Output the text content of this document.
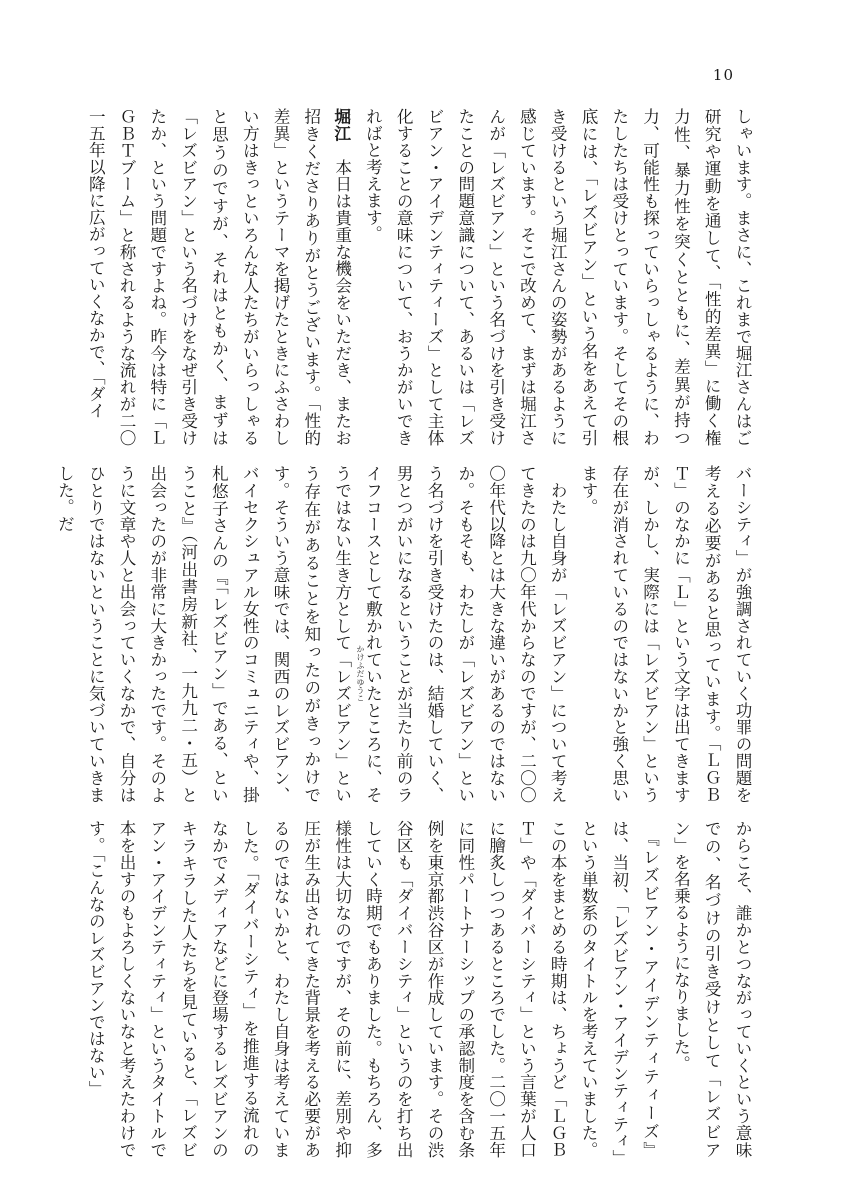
10

しゃいます。まさに、これまで堀江さんはご研究や運動を通して、「性的差異」に働く権力性、暴力性を突くとともに、差異が持つ力、可能性も探っていらっしゃるように、わたしたちは受けとっています。そしてその根底には、「レズビアン」という名をあえて引き受けるという堀江さんの姿勢があるように感じています。そこで改めて、まずは堀江さんが「レズビアン」という名づけを引き受けたことの問題意識について、あるいは「レズビアン・アイデンティティーズ」として主体化することの意味について、おうかがいできればと考えます。

堀江　本日は貴重な機会をいただき、またお招きくださりありがとうございます。「性的差異」というテーマを掲げたときにふさわしい方はきっといろんな人たちがいらっしゃると思うのですが、それはともかく、まずは「レズビアン」という名づけをなぜ引き受けたか、という問題ですよね。昨今は特に「ＬＧＢＴブーム」と称されるような流れが二〇一五年以降に広がっていくなかで、「ダイ

バーシティ」が強調されていく功罪の問題を考える必要があると思っています。「ＬＧＢＴ」のなかに「Ｌ」という文字は出てきますが、しかし、実際には「レズビアン」という存在が消されているのではないかと強く思います。

　わたし自身が「レズビアン」について考えてきたのは九〇年代からなのですが、二〇〇〇年代以降とは大きな違いがあるのではないか。そもそも、わたしが「レズビアン」という名づけを引き受けたのは、結婚していく、男とつがいになるということが当たり前のライフコースとして敷かれていたところに、そうではない生き方として「レズビアン」という存在があることを知ったのがきっかけです。そういう意味では、関西のレズビアン、バイセクシュアル女性のコミュニティや、掛札悠子さんの『「レズビアン」である、ということ』（河出書房新社、一九九二・五）と出会ったのが非常に大きかったです。そのように文章や人と出会っていくなかで、自分はひとりではないということに気づいていきました。だ

かけふだゆうこ

からこそ、誰かとつながっていくという意味での、名づけの引き受けとして「レズビアン」を名乗るようになりました。

　『レズビアン・アイデンティティーズ』は、当初、「レズビアン・アイデンティティ」という単数系のタイトルを考えていました。この本をまとめる時期は、ちょうど「ＬＧＢＴ」や「ダイバーシティ」という言葉が人口に膾炙しつつあるところでした。二〇一五年に同性パートナーシップの承認制度を含む条例を東京都渋谷区が作成しています。その渋谷区も「ダイバーシティ」というのを打ち出していく時期でもありました。もちろん、多様性は大切なのですが、その前に、差別や抑圧が生み出されてきた背景を考える必要があるのではないかと、わたし自身は考えていました。「ダイバーシティ」を推進する流れのなかでメディアなどに登場するレズビアンのキラキラした人たちを見ていると、「レズビアン・アイデンティティ」というタイトルで本を出すのもよろしくないなと考えたわけです。「こんなのレズビアンではない」
